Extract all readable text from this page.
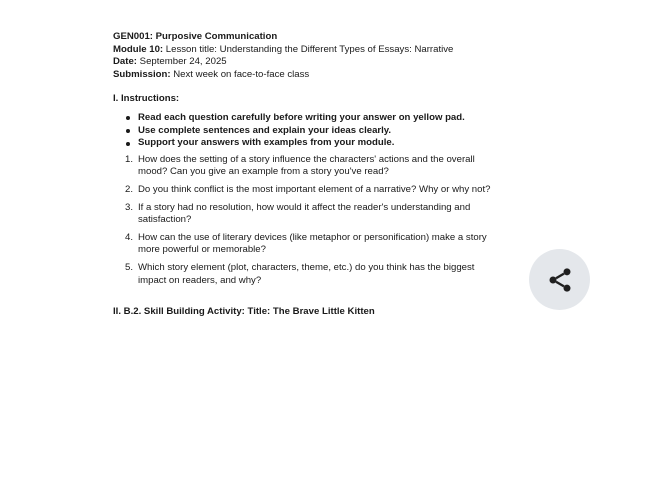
GEN001: Purposive Communication
Module 10: Lesson title: Understanding the Different Types of Essays: Narrative
Date: September 24, 2025
Submission: Next week on face-to-face class
I. Instructions:
Read each question carefully before writing your answer on yellow pad.
Use complete sentences and explain your ideas clearly.
Support your answers with examples from your module.
1. How does the setting of a story influence the characters' actions and the overall mood? Can you give an example from a story you've read?
2. Do you think conflict is the most important element of a narrative? Why or why not?
3. If a story had no resolution, how would it affect the reader's understanding and satisfaction?
4. How can the use of literary devices (like metaphor or personification) make a story more powerful or memorable?
5. Which story element (plot, characters, theme, etc.) do you think has the biggest impact on readers, and why?
II. B.2. Skill Building Activity: Title: The Brave Little Kitten
